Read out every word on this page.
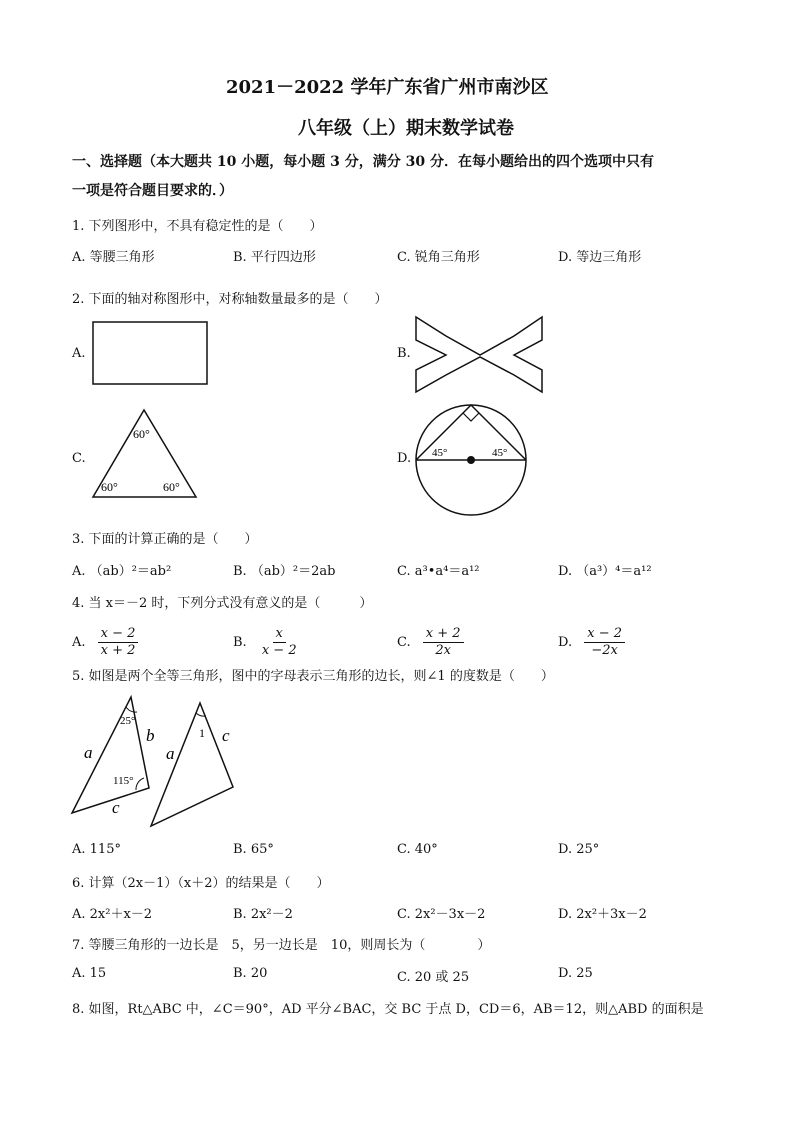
2021－2022 学年广东省广州市南沙区
八年级（上）期末数学试卷
一、选择题（本大题共 10 小题，每小题 3 分，满分 30 分．在每小题给出的四个选项中只有
一项是符合题目要求的．）
1. 下列图形中，不具有稳定性的是（　　）
A. 等腰三角形	B. 平行四边形	C. 锐角三角形	D. 等边三角形
2. 下面的轴对称图形中，对称轴数量最多的是（　　）
A.	B.
C.	D.
60°
60°	60°
45°	45°
25°
115°
a
b
c
1
a
c
3. 下面的计算正确的是（　　）
A. （ab）²＝ab²	B. （ab）²＝2ab	C. a³•a⁴＝a¹²	D. （a³）⁴＝a¹²
4. 当 x＝－2 时，下列分式没有意义的是（　　　）
A. $\frac{x - 2}{x + 2}$	B. $\frac{x}{x - 2}$	C. $\frac{x + 2}{2x}$	D. $\frac{x - 2}{-2x}$
5. 如图是两个全等三角形，图中的字母表示三角形的边长，则∠1 的度数是（　　）
A. 115°	B. 65°	C. 40°	D. 25°
6. 计算（2x－1）（x＋2）的结果是（　　）
A. 2x²＋x－2	B. 2x²－2	C. 2x²－3x－2	D. 2x²＋3x－2
7. 等腰三角形的一边长是　5，另一边长是　10，则周长为（　　　　）
A. 15	B. 20	C. 20 或 25	D. 25
8. 如图，Rt△ABC 中，∠C＝90°，AD 平分∠BAC，交 BC 于点 D，CD＝6，AB＝12，则△ABD 的面积是
